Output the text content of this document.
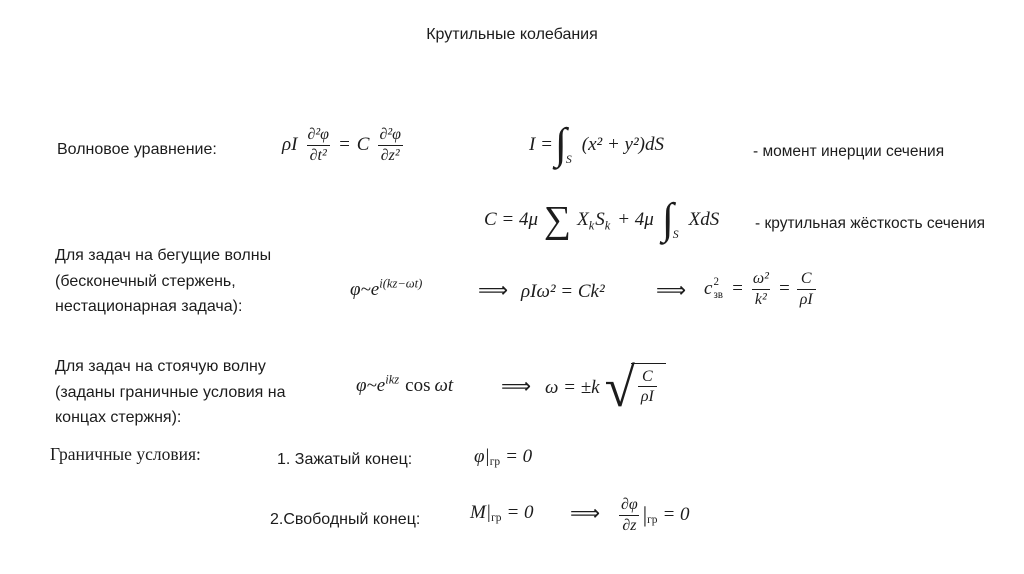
Крутильные колебания
Волновое уравнение:	ρI $\frac{\text{∂²φ}}{\text{∂t²}} = C \frac{\text{∂²φ}}{\text{∂z²}}$	I = ∫ S
(x² + y²)dS	- момент инерции сечения
C = 4μ ∑ X k S k + 4μ ∫ S
XdS - крутильная жёсткость сечения
Для задач на бегущие волны
(бесконечный стержень,
нестационарная задача):
φ~e i(kz−ωt)	⟹ ρIω² = Ck² ⟹ c 2
зв = $\frac{\text{ω²}}{\text{k²}} = \frac{C}{\rho I}$
Для задач на стоячую волну
(заданы граничные условия на
концах стержня):
φ~e ikz cos ωt ⟹ ω = ±k √ $\frac{C}{\rho I}$
Граничные условия:	1. Зажатый конец:	φ| гр = 0
2.Свободный конец:	M| гр = 0 ⟹ $\frac{\partial\varphi}{\partial z}$ | гр = 0
